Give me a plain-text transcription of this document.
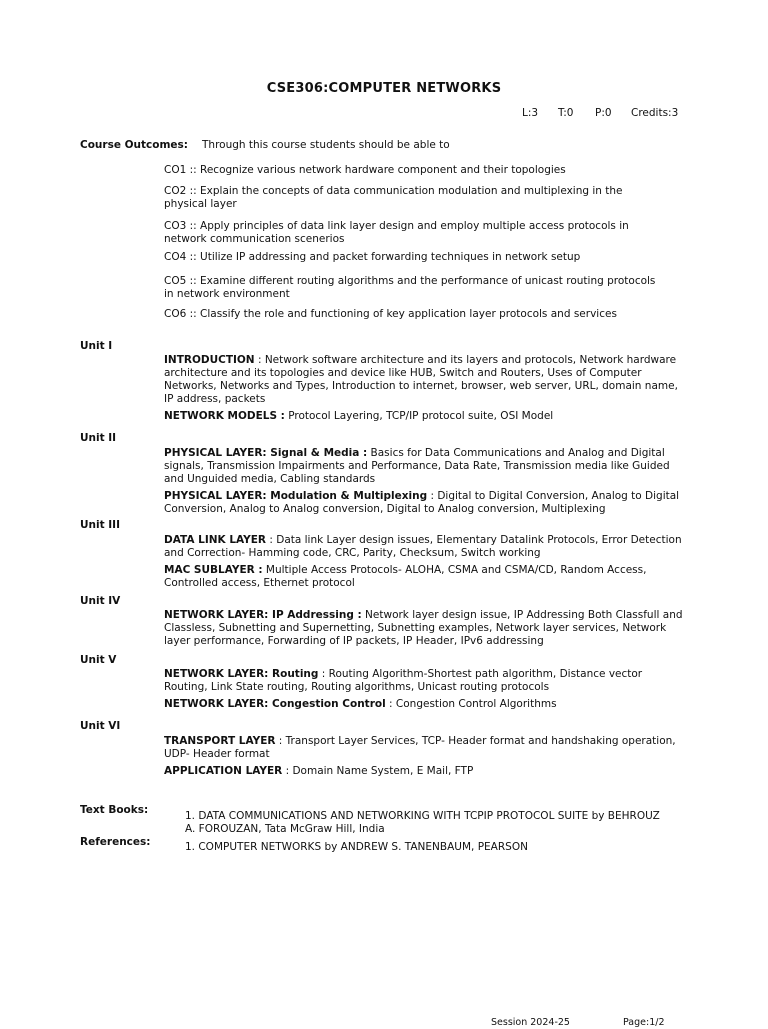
CSE306:COMPUTER NETWORKS
L:3	T:0	P:0	Credits:3
Course Outcomes: Through this course students should be able to
CO1 :: Recognize various network hardware component and their topologies
CO2 :: Explain the concepts of data communication modulation and multiplexing in the physical layer
CO3 :: Apply principles of data link layer design and employ multiple access protocols in network communication scenerios
CO4 :: Utilize IP addressing and packet forwarding techniques in network setup
CO5 :: Examine different routing algorithms and the performance of unicast routing protocols in network environment
CO6 :: Classify the role and functioning of key application layer protocols and services
Unit I

INTRODUCTION : Network software architecture and its layers and protocols, Network hardware architecture and its topologies and device like HUB, Switch and Routers, Uses of Computer Networks, Networks and Types, Introduction to internet, browser, web server, URL, domain name, IP address, packets

NETWORK MODELS : Protocol Layering, TCP/IP protocol suite, OSI Model

Unit II

PHYSICAL LAYER: Signal & Media : Basics for Data Communications and Analog and Digital signals, Transmission Impairments and Performance, Data Rate, Transmission media like Guided and Unguided media, Cabling standards

PHYSICAL LAYER: Modulation & Multiplexing : Digital to Digital Conversion, Analog to Digital Conversion, Analog to Analog conversion, Digital to Analog conversion, Multiplexing

Unit III

DATA LINK LAYER : Data link Layer design issues, Elementary Datalink Protocols, Error Detection and Correction- Hamming code, CRC, Parity, Checksum, Switch working

MAC SUBLAYER : Multiple Access Protocols- ALOHA, CSMA and CSMA/CD, Random Access, Controlled access, Ethernet protocol

Unit IV

NETWORK LAYER: IP Addressing : Network layer design issue, IP Addressing Both Classfull and Classless, Subnetting and Supernetting, Subnetting examples, Network layer services, Network layer performance, Forwarding of IP packets, IP Header, IPv6 addressing

Unit V

NETWORK LAYER: Routing : Routing Algorithm-Shortest path algorithm, Distance vector Routing, Link State routing, Routing algorithms, Unicast routing protocols

NETWORK LAYER: Congestion Control : Congestion Control Algorithms

Unit VI

TRANSPORT LAYER : Transport Layer Services, TCP- Header format and handshaking operation, UDP- Header format

APPLICATION LAYER : Domain Name System, E Mail, FTP

Text Books:	1. DATA COMMUNICATIONS AND NETWORKING WITH TCPIP PROTOCOL SUITE by BEHROUZ A. FOROUZAN, Tata McGraw Hill, India
References:	1. COMPUTER NETWORKS by ANDREW S. TANENBAUM, PEARSON
Session 2024-25	Page:1/2
